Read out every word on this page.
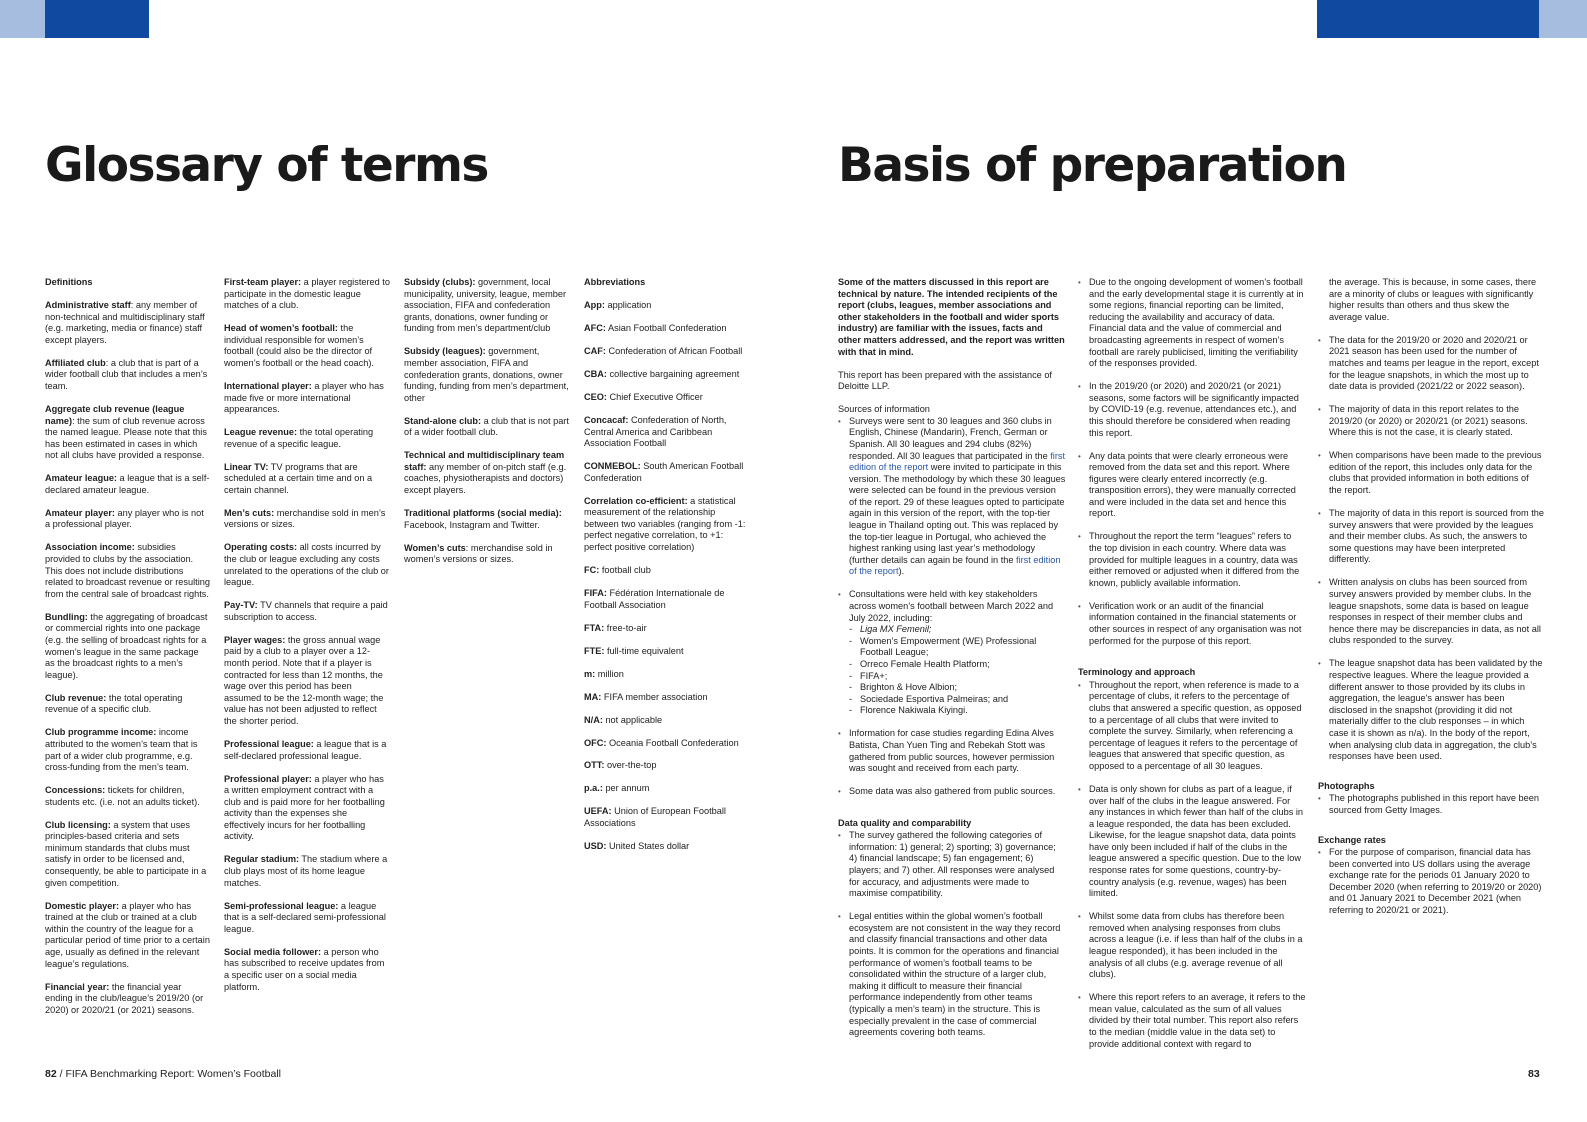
Glossary of terms	Basis of preparation

Definitions

Administrative staff: any member of non-technical and multidisciplinary staff (e.g. marketing, media or finance) staff except players.

Affiliated club: a club that is part of a wider football club that includes a men’s team.

Aggregate club revenue (league name): the sum of club revenue across the named league. Please note that this has been estimated in cases in which not all clubs have provided a response.

Amateur league: a league that is a self-declared amateur league.

Amateur player: any player who is not a professional player.

Association income: subsidies provided to clubs by the association. This does not include distributions related to broadcast revenue or resulting from the central sale of broadcast rights.

Bundling: the aggregating of broadcast or commercial rights into one package (e.g. the selling of broadcast rights for a women’s league in the same package as the broadcast rights to a men’s league).

Club revenue: the total operating revenue of a specific club.

Club programme income: income attributed to the women’s team that is part of a wider club programme, e.g. cross-funding from the men’s team.

Concessions: tickets for children, students etc. (i.e. not an adults ticket).

Club licensing: a system that uses principles-based criteria and sets minimum standards that clubs must satisfy in order to be licensed and, consequently, be able to participate in a given competition.

Domestic player: a player who has trained at the club or trained at a club within the country of the league for a particular period of time prior to a certain age, usually as defined in the relevant league’s regulations.

Financial year: the financial year ending in the club/league’s 2019/20 (or 2020) or 2020/21 (or 2021) seasons.

First-team player: a player registered to participate in the domestic league matches of a club.

Head of women’s football: the individual responsible for women’s football (could also be the director of women’s football or the head coach).

International player: a player who has made five or more international appearances.

League revenue: the total operating revenue of a specific league.

Linear TV: TV programs that are scheduled at a certain time and on a certain channel.

Men’s cuts: merchandise sold in men’s versions or sizes.

Operating costs: all costs incurred by the club or league excluding any costs unrelated to the operations of the club or league.

Pay-TV: TV channels that require a paid subscription to access.

Player wages: the gross annual wage paid by a club to a player over a 12-month period. Note that if a player is contracted for less than 12 months, the wage over this period has been assumed to be the 12-month wage; the value has not been adjusted to reflect the shorter period.

Professional league: a league that is a self-declared professional league.

Professional player: a player who has a written employment contract with a club and is paid more for her footballing activity than the expenses she effectively incurs for her footballing activity.

Regular stadium: The stadium where a club plays most of its home league matches.

Semi-professional league: a league that is a self-declared semi-professional league.

Social media follower: a person who has subscribed to receive updates from a specific user on a social media platform.

Subsidy (clubs): government, local municipality, university, league, member association, FIFA and confederation grants, donations, owner funding or funding from men’s department/club

Subsidy (leagues): government, member association, FIFA and confederation grants, donations, owner funding, funding from men’s department, other

Stand-alone club: a club that is not part of a wider football club.

Technical and multidisciplinary team staff: any member of on-pitch staff (e.g. coaches, physiotherapists and doctors) except players.

Traditional platforms (social media): Facebook, Instagram and Twitter.

Women’s cuts: merchandise sold in women’s versions or sizes.

Abbreviations

App: application

AFC: Asian Football Confederation

CAF: Confederation of African Football

CBA: collective bargaining agreement

CEO: Chief Executive Officer

Concacaf: Confederation of North, Central America and Caribbean Association Football

CONMEBOL: South American Football Confederation

Correlation co-efficient: a statistical measurement of the relationship between two variables (ranging from -1: perfect negative correlation, to +1: perfect positive correlation)

FC: football club

FIFA: Fédération Internationale de Football Association

FTA: free-to-air

FTE: full-time equivalent

m: million

MA: FIFA member association

N/A: not applicable

OFC: Oceania Football Confederation

OTT: over-the-top

p.a.: per annum

UEFA: Union of European Football Associations

USD: United States dollar

Some of the matters discussed in this report are technical by nature. The intended recipients of the report (clubs, leagues, member associations and other stakeholders in the football and wider sports industry) are familiar with the issues, facts and other matters addressed, and the report was written with that in mind.

This report has been prepared with the assistance of Deloitte LLP.

Sources of information
• Surveys were sent to 30 leagues and 360 clubs in English, Chinese (Mandarin), French, German or Spanish. All 30 leagues and 294 clubs (82%) responded. All 30 leagues that participated in the first edition of the report were invited to participate in this version. The methodology by which these 30 leagues were selected can be found in the previous version of the report. 29 of these leagues opted to participate again in this version of the report, with the top-tier league in Thailand opting out. This was replaced by the top-tier league in Portugal, who achieved the highest ranking using last year’s methodology (further details can again be found in the first edition of the report).
• Consultations were held with key stakeholders across women’s football between March 2022 and July 2022, including:
- Liga MX Femenil;
- Women’s Empowerment (WE) Professional Football League;
- Orreco Female Health Platform;
- FIFA+;
- Brighton & Hove Albion;
- Sociedade Esportiva Palmeiras; and
- Florence Nakiwala Kiyingi.
• Information for case studies regarding Edina Alves Batista, Chan Yuen Ting and Rebekah Stott was gathered from public sources, however permission was sought and received from each party.
• Some data was also gathered from public sources.
Data quality and comparability
• The survey gathered the following categories of information: 1) general; 2) sporting; 3) governance; 4) financial landscape; 5) fan engagement; 6) players; and 7) other. All responses were analysed for accuracy, and adjustments were made to maximise compatibility.
• Legal entities within the global women’s football ecosystem are not consistent in the way they record and classify financial transactions and other data points. It is common for the operations and financial performance of women’s football teams to be consolidated within the structure of a larger club, making it difficult to measure their financial performance independently from other teams (typically a men’s team) in the structure. This is especially prevalent in the case of commercial agreements covering both teams.
• Due to the ongoing development of women’s football and the early developmental stage it is currently at in some regions, financial reporting can be limited, reducing the availability and accuracy of data. Financial data and the value of commercial and broadcasting agreements in respect of women’s football are rarely publicised, limiting the verifiability of the responses provided.
• In the 2019/20 (or 2020) and 2020/21 (or 2021) seasons, some factors will be significantly impacted by COVID-19 (e.g. revenue, attendances etc.), and this should therefore be considered when reading this report.
• Any data points that were clearly erroneous were removed from the data set and this report. Where figures were clearly entered incorrectly (e.g. transposition errors), they were manually corrected and were included in the data set and hence this report.
• Throughout the report the term “leagues” refers to the top division in each country. Where data was provided for multiple leagues in a country, data was either removed or adjusted when it differed from the known, publicly available information.
• Verification work or an audit of the financial information contained in the financial statements or other sources in respect of any organisation was not performed for the purpose of this report.
Terminology and approach
• Throughout the report, when reference is made to a percentage of clubs, it refers to the percentage of clubs that answered a specific question, as opposed to a percentage of all clubs that were invited to complete the survey. Similarly, when referencing a percentage of leagues it refers to the percentage of leagues that answered that specific question, as opposed to a percentage of all 30 leagues.
• Data is only shown for clubs as part of a league, if over half of the clubs in the league answered. For any instances in which fewer than half of the clubs in a league responded, the data has been excluded. Likewise, for the league snapshot data, data points have only been included if half of the clubs in the league answered a specific question. Due to the low response rates for some questions, country-by-country analysis (e.g. revenue, wages) has been limited.
• Whilst some data from clubs has therefore been removed when analysing responses from clubs across a league (i.e. if less than half of the clubs in a league responded), it has been included in the analysis of all clubs (e.g. average revenue of all clubs).
• Where this report refers to an average, it refers to the mean value, calculated as the sum of all values divided by their total number. This report also refers to the median (middle value in the data set) to provide additional context with regard to

the average. This is because, in some cases, there are a minority of clubs or leagues with significantly higher results than others and thus skew the average value.

• The data for the 2019/20 or 2020 and 2020/21 or 2021 season has been used for the number of matches and teams per league in the report, except for the league snapshots, in which the most up to date data is provided (2021/22 or 2022 season).
• The majority of data in this report relates to the 2019/20 (or 2020) or 2020/21 (or 2021) seasons. Where this is not the case, it is clearly stated.
• When comparisons have been made to the previous edition of the report, this includes only data for the clubs that provided information in both editions of the report.
• The majority of data in this report is sourced from the survey answers that were provided by the leagues and their member clubs. As such, the answers to some questions may have been interpreted differently.
• Written analysis on clubs has been sourced from survey answers provided by member clubs. In the league snapshots, some data is based on league responses in respect of their member clubs and hence there may be discrepancies in data, as not all clubs responded to the survey.
• The league snapshot data has been validated by the respective leagues. Where the league provided a different answer to those provided by its clubs in aggregation, the league’s answer has been disclosed in the snapshot (providing it did not materially differ to the club responses – in which case it is shown as n/a). In the body of the report, when analysing club data in aggregation, the club’s responses have been used.
Photographs
• The photographs published in this report have been sourced from Getty Images.
Exchange rates
• For the purpose of comparison, financial data has been converted into US dollars using the average exchange rate for the periods 01 January 2020 to December 2020 (when referring to 2019/20 or 2020) and 01 January 2021 to December 2021 (when referring to 2020/21 or 2021).
82 / FIFA Benchmarking Report: Women’s Football	83
